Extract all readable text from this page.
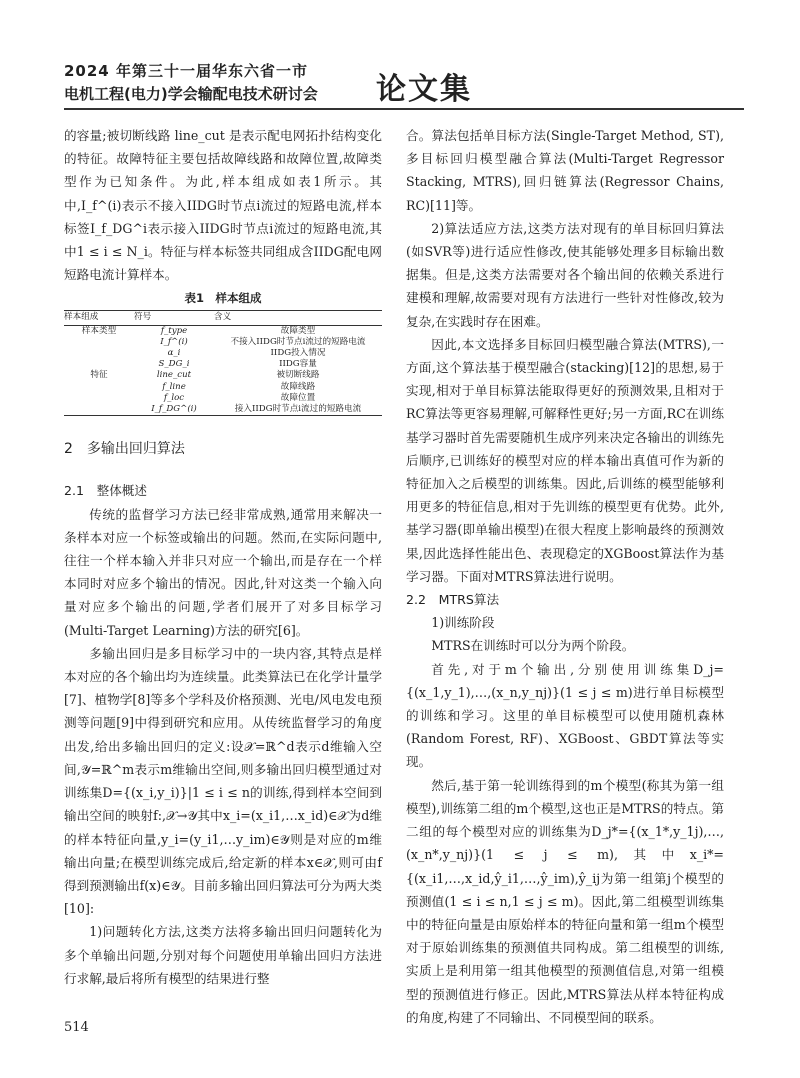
2024 年第三十一届华东六省一市
电机工程(电力)学会输配电技术研讨会	论文集

的容量;被切断线路 line_cut 是表示配电网拓扑结构变化的特征。故障特征主要包括故障线路和故障位置,故障类型作为已知条件。为此,样本组成如表1所示。其中,I_f^(i)表示不接入IIDG时节点i流过的短路电流,样本标签I_f_DG^i表示接入IIDG时节点i流过的短路电流,其中1 ≤ i ≤ N_i。特征与样本标签共同组成含IIDG配电网短路电流计算样本。

表1　样本组成
样本组成	符号	含义
样本类型	f_type	故障类型
	I_f^(i)	不接入IIDG时节点i流过的短路电流
	α_i	IIDG投入情况
	S_DG_i	IIDG容量
特征	line_cut	被切断线路
	f_line	故障线路
	f_loc	故障位置
	I_f_DG^(i)	接入IIDG时节点i流过的短路电流
2　多输出回归算法
2.1　整体概述

传统的监督学习方法已经非常成熟,通常用来解决一条样本对应一个标签或输出的问题。然而,在实际问题中,往往一个样本输入并非只对应一个输出,而是存在一个样本同时对应多个输出的情况。因此,针对这类一个输入向量对应多个输出的问题,学者们展开了对多目标学习(Multi-Target Learning)方法的研究[6]。

多输出回归是多目标学习中的一块内容,其特点是样本对应的各个输出均为连续量。此类算法已在化学计量学[7]、植物学[8]等多个学科及价格预测、光电/风电发电预测等问题[9]中得到研究和应用。从传统监督学习的角度出发,给出多输出回归的定义:设𝒳=ℝ^d表示d维输入空间,𝒴=ℝ^m表示m维输出空间,则多输出回归模型通过对训练集D={(x_i,y_i)}|1 ≤ i ≤ n的训练,得到样本空间到输出空间的映射f:,𝒳→𝒴其中x_i=(x_i1,…x_id)∈𝒳为d维的样本特征向量,y_i=(y_i1,…y_im)∈𝒴则是对应的m维输出向量;在模型训练完成后,给定新的样本x∈𝒳,则可由f得到预测输出f(x)∈𝒴。目前多输出回归算法可分为两大类[10]:

1)问题转化方法,这类方法将多输出回归问题转化为多个单输出问题,分别对每个问题使用单输出回归方法进行求解,最后将所有模型的结果进行整

合。算法包括单目标方法(Single-Target Method, ST),多目标回归模型融合算法(Multi-Target Regressor Stacking, MTRS),回归链算法(Regressor Chains, RC)[11]等。

2)算法适应方法,这类方法对现有的单目标回归算法(如SVR等)进行适应性修改,使其能够处理多目标输出数据集。但是,这类方法需要对各个输出间的依赖关系进行建模和理解,故需要对现有方法进行一些针对性修改,较为复杂,在实践时存在困难。

因此,本文选择多目标回归模型融合算法(MTRS),一方面,这个算法基于模型融合(stacking)[12]的思想,易于实现,相对于单目标算法能取得更好的预测效果,且相对于RC算法等更容易理解,可解释性更好;另一方面,RC在训练基学习器时首先需要随机生成序列来决定各输出的训练先后顺序,已训练好的模型对应的样本输出真值可作为新的特征加入之后模型的训练集。因此,后训练的模型能够利用更多的特征信息,相对于先训练的模型更有优势。此外,基学习器(即单输出模型)在很大程度上影响最终的预测效果,因此选择性能出色、表现稳定的XGBoost算法作为基学习器。下面对MTRS算法进行说明。

2.2　MTRS算法

1)训练阶段

MTRS在训练时可以分为两个阶段。

首先,对于m个输出,分别使用训练集D_j={(x_1,y_1),…,(x_n,y_nj)}(1 ≤ j ≤ m)进行单目标模型的训练和学习。这里的单目标模型可以使用随机森林(Random Forest, RF)、XGBoost、GBDT算法等实现。

然后,基于第一轮训练得到的m个模型(称其为第一组模型),训练第二组的m个模型,这也正是MTRS的特点。第二组的每个模型对应的训练集为D_j*={(x_1*,y_1j),…,(x_n*,y_nj)}(1 ≤ j ≤ m),其中x_i*={(x_i1,…,x_id,ŷ_i1,…,ŷ_im),ŷ_ij为第一组第j个模型的预测值(1 ≤ i ≤ n,1 ≤ j ≤ m)。因此,第二组模型训练集中的特征向量是由原始样本的特征向量和第一组m个模型对于原始训练集的预测值共同构成。第二组模型的训练,实质上是利用第一组其他模型的预测值信息,对第一组模型的预测值进行修正。因此,MTRS算法从样本特征构成的角度,构建了不同输出、不同模型间的联系。

514
